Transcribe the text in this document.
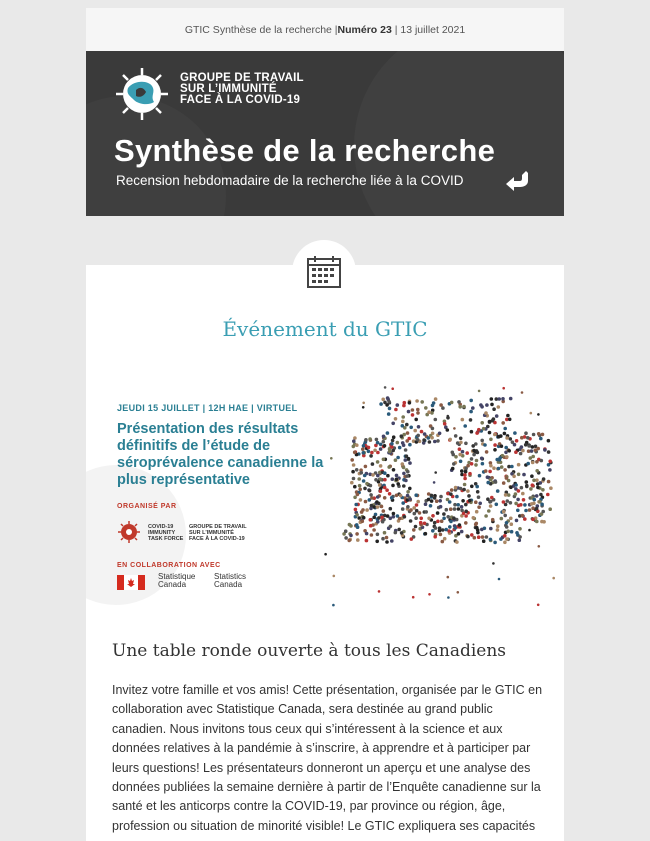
GTIC Synthèse de la recherche | Numéro 23
| 13 juillet 2021
GROUPE DE TRAVAIL
SUR L’IMMUNITÉ
FACE À LA COVID-19
Synthèse de la recherche
Recension hebdomadaire de la recherche liée à la COVID
Événement du GTIC
JEUDI 15 JUILLET | 12H HAE | VIRTUEL
Présentation des résultats définitifs de l’étude de séroprévalence canadienne la plus représentative
ORGANISÉ PAR
COVID-19
IMMUNITY
TASK FORCE
GROUPE DE TRAVAIL
SUR L’IMMUNITÉ
FACE À LA COVID-19
EN COLLABORATION AVEC
Statistique
Canada
Statistics
Canada
Une table ronde ouverte à tous les Canadiens
Invitez votre famille et vos amis! Cette présentation, organisée par le GTIC en collaboration avec Statistique Canada, sera destinée au grand public canadien. Nous invitons tous ceux qui s’intéressent à la science et aux données relatives à la pandémie à s’inscrire, à apprendre et à participer par leurs questions! Les présentateurs donneront un aperçu et une analyse des données publiées la semaine dernière à partir de l’Enquête canadienne sur la santé et les anticorps contre la COVID-19, par province ou région, âge, profession ou situation de minorité visible! Le GTIC expliquera ses capacités
